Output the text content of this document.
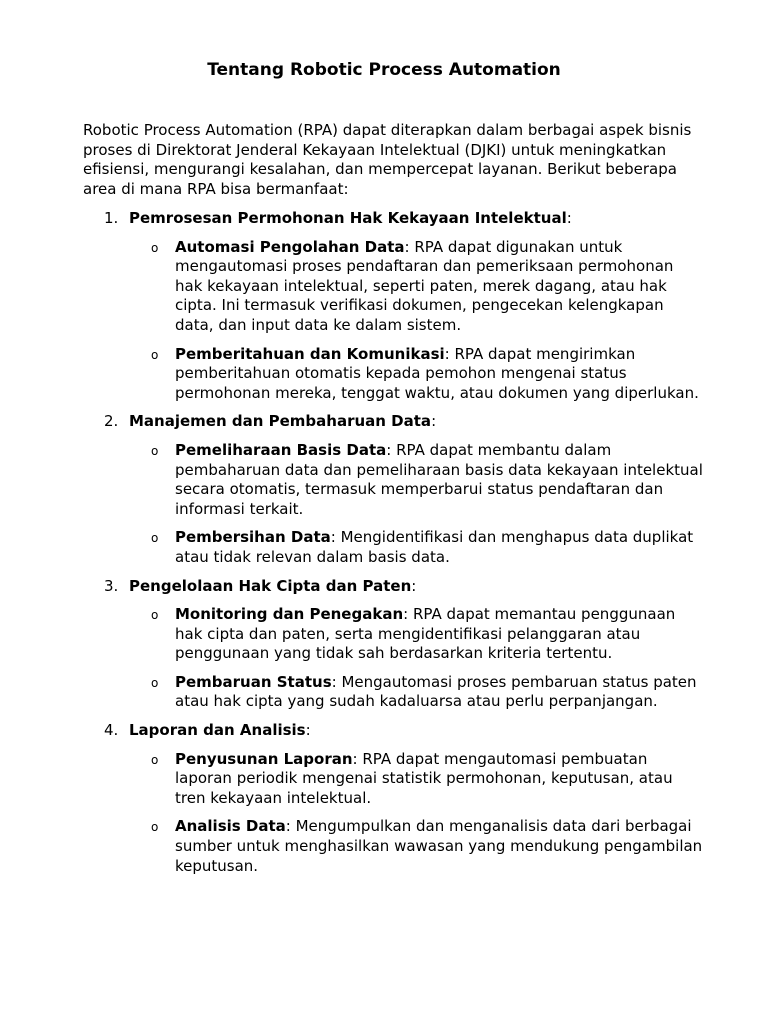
Tentang Robotic Process Automation

Robotic Process Automation (RPA) dapat diterapkan dalam berbagai aspek bisnis proses di Direktorat Jenderal Kekayaan Intelektual (DJKI) untuk meningkatkan efisiensi, mengurangi kesalahan, dan mempercepat layanan. Berikut beberapa area di mana RPA bisa bermanfaat:

1. Pemrosesan Permohonan Hak Kekayaan Intelektual:
o Automasi Pengolahan Data: RPA dapat digunakan untuk mengautomasi proses pendaftaran dan pemeriksaan permohonan hak kekayaan intelektual, seperti paten, merek dagang, atau hak cipta. Ini termasuk verifikasi dokumen, pengecekan kelengkapan data, dan input data ke dalam sistem.
o Pemberitahuan dan Komunikasi: RPA dapat mengirimkan pemberitahuan otomatis kepada pemohon mengenai status permohonan mereka, tenggat waktu, atau dokumen yang diperlukan.
2. Manajemen dan Pembaharuan Data:
o Pemeliharaan Basis Data: RPA dapat membantu dalam pembaharuan data dan pemeliharaan basis data kekayaan intelektual secara otomatis, termasuk memperbarui status pendaftaran dan informasi terkait.
o Pembersihan Data: Mengidentifikasi dan menghapus data duplikat atau tidak relevan dalam basis data.
3. Pengelolaan Hak Cipta dan Paten:
o Monitoring dan Penegakan: RPA dapat memantau penggunaan hak cipta dan paten, serta mengidentifikasi pelanggaran atau penggunaan yang tidak sah berdasarkan kriteria tertentu.
o Pembaruan Status: Mengautomasi proses pembaruan status paten atau hak cipta yang sudah kadaluarsa atau perlu perpanjangan.
4. Laporan dan Analisis:
o Penyusunan Laporan: RPA dapat mengautomasi pembuatan laporan periodik mengenai statistik permohonan, keputusan, atau tren kekayaan intelektual.
o Analisis Data: Mengumpulkan dan menganalisis data dari berbagai sumber untuk menghasilkan wawasan yang mendukung pengambilan keputusan.
